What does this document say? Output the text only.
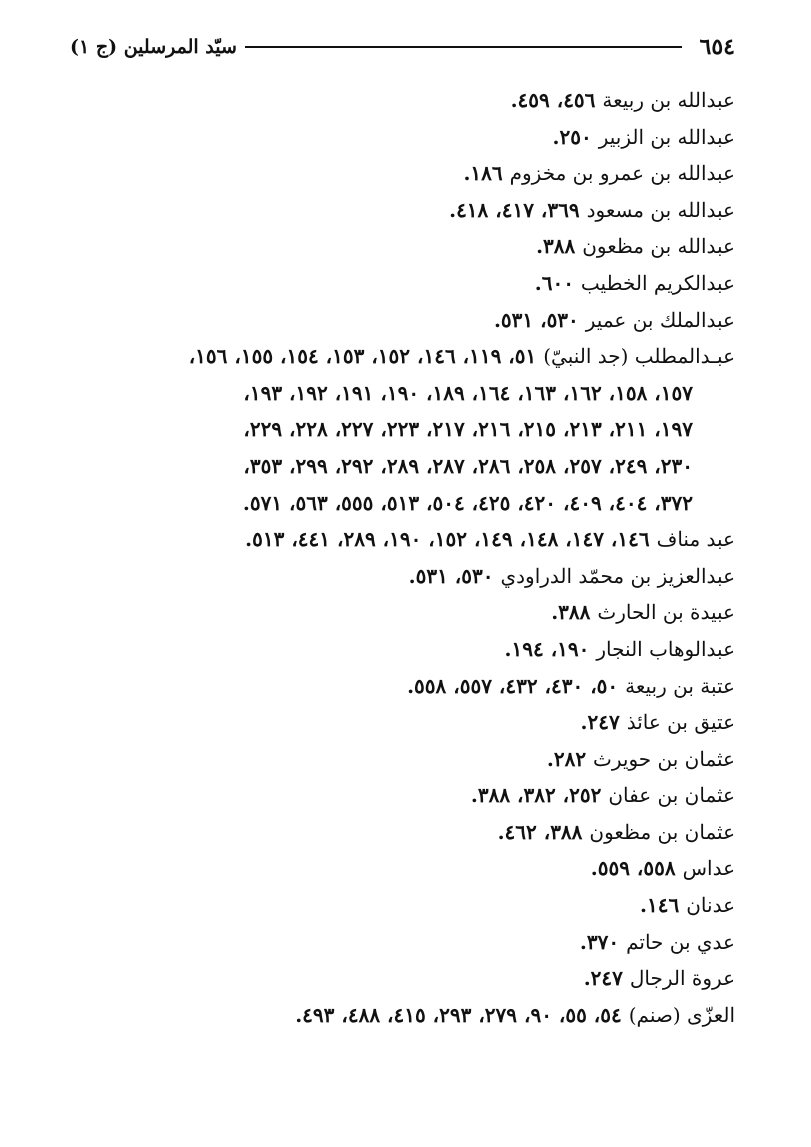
٦٥٤
سيّد المرسلين (ج ١)
عبدالله بن ربيعة ٤٥٦، ٤٥٩.
عبدالله بن الزبير ٢٥٠.
عبدالله بن عمرو بن مخزوم ١٨٦.
عبدالله بن مسعود ٣٦٩، ٤١٧، ٤١٨.
عبدالله بن مظعون ٣٨٨.
عبدالكريم الخطيب ٦٠٠.
عبدالملك بن عمير ٥٣٠، ٥٣١.
عبـدالمطلب (جد النبيّ) ٥١، ١١٩، ١٤٦، ١٥٢، ١٥٣، ١٥٤، ١٥٥، ١٥٦،
١٥٧، ١٥٨، ١٦٢، ١٦٣، ١٦٤، ١٨٩، ١٩٠، ١٩١، ١٩٢، ١٩٣،
١٩٧، ٢١١، ٢١٣، ٢١٥، ٢١٦، ٢١٧، ٢٢٣، ٢٢٧، ٢٢٨، ٢٢٩،
٢٣٠، ٢٤٩، ٢٥٧، ٢٥٨، ٢٨٦، ٢٨٧، ٢٨٩، ٢٩٢، ٢٩٩، ٣٥٣،
٣٧٢، ٤٠٤، ٤٠٩، ٤٢٠، ٤٢٥، ٥٠٤، ٥١٣، ٥٥٥، ٥٦٣، ٥٧١.
عبد مناف ١٤٦، ١٤٧، ١٤٨، ١٤٩، ١٥٢، ١٩٠، ٢٨٩، ٤٤١، ٥١٣.
عبدالعزيز بن محمّد الدراودي ٥٣٠، ٥٣١.
عبيدة بن الحارث ٣٨٨.
عبدالوهاب النجار ١٩٠، ١٩٤.
عتبة بن ربيعة ٥٠، ٤٣٠، ٤٣٢، ٥٥٧، ٥٥٨.
عتيق بن عائذ ٢٤٧.
عثمان بن حويرث ٢٨٢.
عثمان بن عفان ٢٥٢، ٣٨٢، ٣٨٨.
عثمان بن مظعون ٣٨٨، ٤٦٢.
عداس ٥٥٨، ٥٥٩.
عدنان ١٤٦.
عدي بن حاتم ٣٧٠.
عروة الرجال ٢٤٧.
العزّى (صنم) ٥٤، ٥٥، ٩٠، ٢٧٩، ٢٩٣، ٤١٥، ٤٨٨، ٤٩٣.
